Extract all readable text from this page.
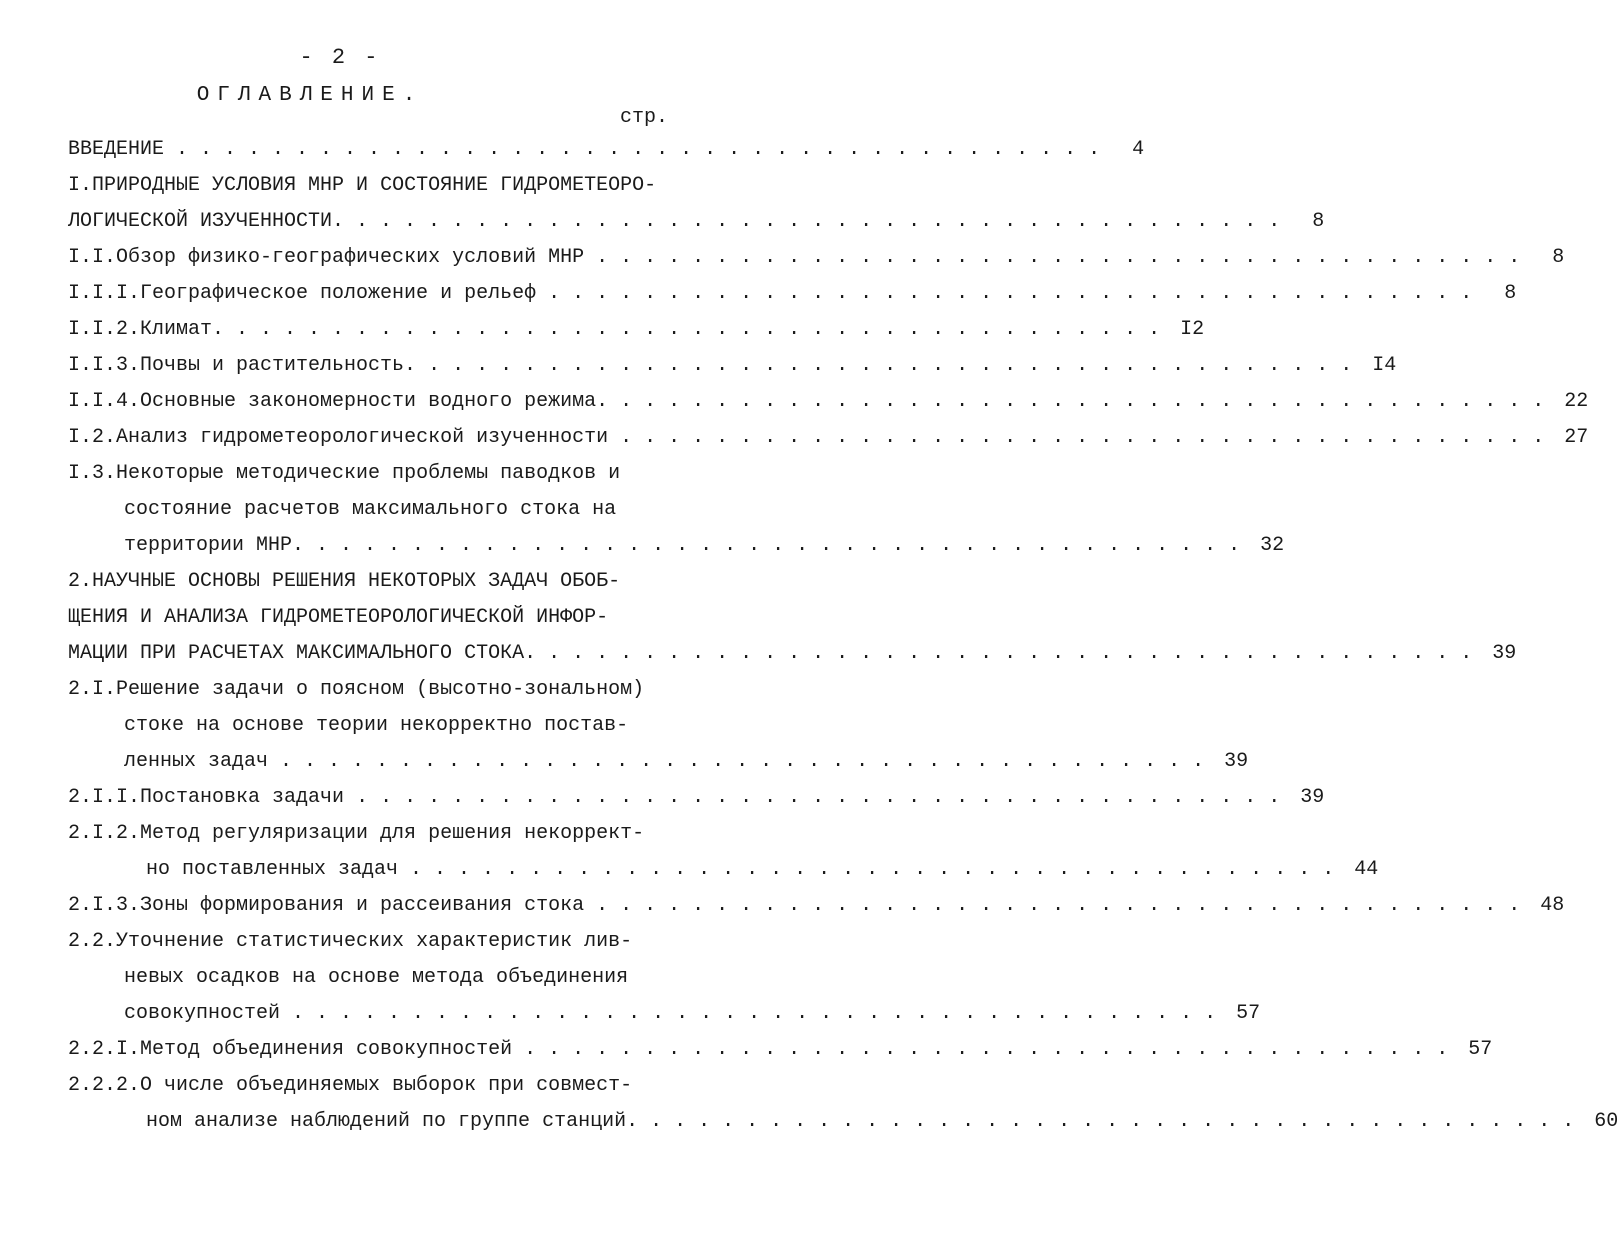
- 2 -
ОГЛАВЛЕНИЕ.
стр.
ВВЕДЕНИЕ . . . . . . . . . . . . . . . . . . . . . . . . . . . . . . . . . . . . . . .	4
I. ПРИРОДНЫЕ УСЛОВИЯ МНР И СОСТОЯНИЕ ГИДРОМЕТЕОРО-
ЛОГИЧЕСКОЙ ИЗУЧЕННОСТИ. . . . . . . . . . . . . . . . . . . . . . . . . . . . . . . . . . . . . . . .	8
I.I. Обзор физико-географических условий МНР . . . . . . . . . . . . . . . . . . . . . . . . . . . . . . . . . . . . . . .	8
I.I.I. Географическое положение и рельеф . . . . . . . . . . . . . . . . . . . . . . . . . . . . . . . . . . . . . . .	8
I.I.2. Климат. . . . . . . . . . . . . . . . . . . . . . . . . . . . . . . . . . . . . . . . I2
I.I.3. Почвы и растительность. . . . . . . . . . . . . . . . . . . . . . . . . . . . . . . . . . . . . . . . I4
I.I.4. Основные закономерности водного режима. . . . . . . . . . . . . . . . . . . . . . . . . . . . . . . . . . . . . . . . 22
I.2. Анализ гидрометеорологической изученности . . . . . . . . . . . . . . . . . . . . . . . . . . . . . . . . . . . . . . . 27
I.3. Некоторые методические проблемы паводков и
состояние расчетов максимального стока на
территории МНР. . . . . . . . . . . . . . . . . . . . . . . . . . . . . . . . . . . . . . . . 32
2. НАУЧНЫЕ ОСНОВЫ РЕШЕНИЯ НЕКОТОРЫХ ЗАДАЧ ОБОБ-
ЩЕНИЯ И АНАЛИЗА ГИДРОМЕТЕОРОЛОГИЧЕСКОЙ ИНФОР-
МАЦИИ ПРИ РАСЧЕТАХ МАКСИМАЛЬНОГО СТОКА. . . . . . . . . . . . . . . . . . . . . . . . . . . . . . . . . . . . . . . . 39
2.I. Решение задачи о поясном (высотно-зональном)
стоке на основе теории некорректно постав-
ленных задач . . . . . . . . . . . . . . . . . . . . . . . . . . . . . . . . . . . . . . . 39
2.I.I. Постановка задачи . . . . . . . . . . . . . . . . . . . . . . . . . . . . . . . . . . . . . . . 39
2.I.2. Метод регуляризации для решения некоррект-
но поставленных задач . . . . . . . . . . . . . . . . . . . . . . . . . . . . . . . . . . . . . . . 44
2.I.3. Зоны формирования и рассеивания стока . . . . . . . . . . . . . . . . . . . . . . . . . . . . . . . . . . . . . . . 48
2.2. Уточнение статистических характеристик лив-
невых осадков на основе метода объединения
совокупностей . . . . . . . . . . . . . . . . . . . . . . . . . . . . . . . . . . . . . . . 57
2.2.I. Метод объединения совокупностей . . . . . . . . . . . . . . . . . . . . . . . . . . . . . . . . . . . . . . . 57
2.2.2. О числе объединяемых выборок при совмест-
ном анализе наблюдений по группе станций. . . . . . . . . . . . . . . . . . . . . . . . . . . . . . . . . . . . . . . . 60
